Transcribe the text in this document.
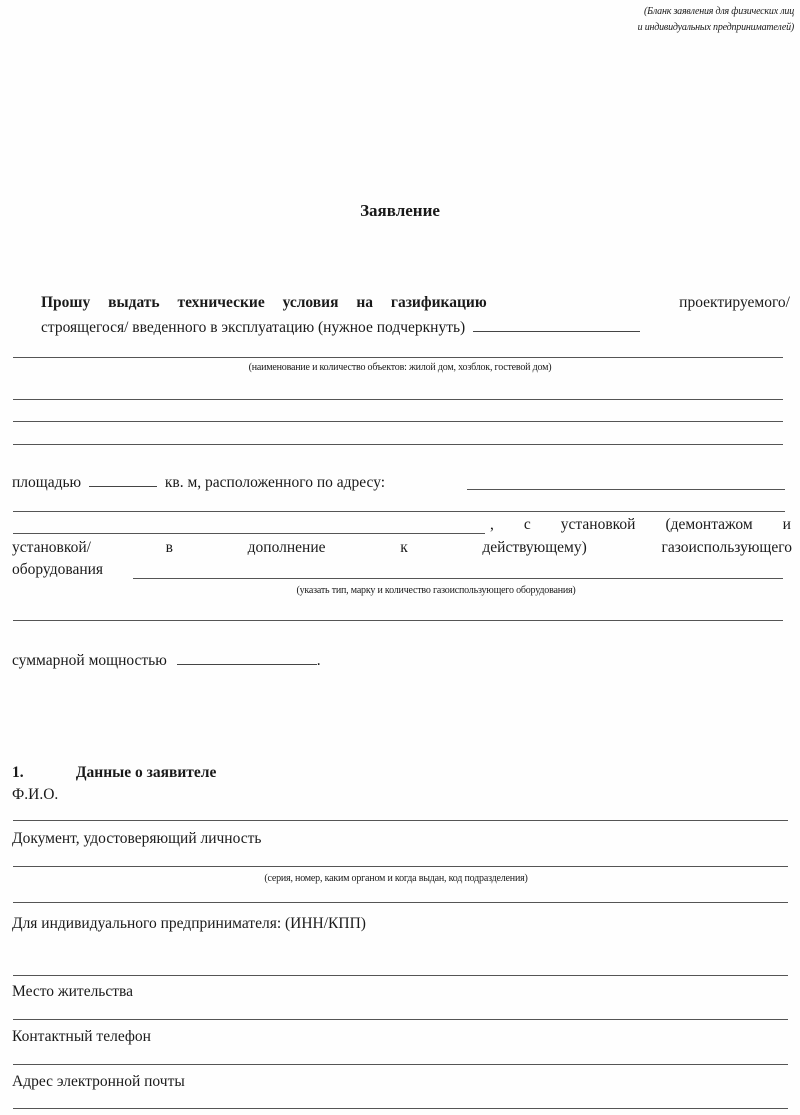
(Бланк заявления для физических лиц
и индивидуальных предпринимателей)
Заявление
Прошу выдать технические условия на газификацию	проектируемого/
строящегося/ введенного в эксплуатацию (нужное подчеркнуть)
(наименование и количество объектов: жилой дом, хозблок, гостевой дом)
площадью	кв. м, расположенного по адресу:
, с установкой (демонтажом и
установкой/	в	дополнение	к	действующему)	газоиспользующего
оборудования
(указать тип, марку и количество газоиспользующего оборудования)
суммарной мощностью	.
1.	Данные о заявителе
Ф.И.О.
Документ, удостоверяющий личность
(серия, номер, каким органом и когда выдан, код подразделения)
Для индивидуального предпринимателя: (ИНН/КПП)
Место жительства
Контактный телефон
Адрес электронной почты
